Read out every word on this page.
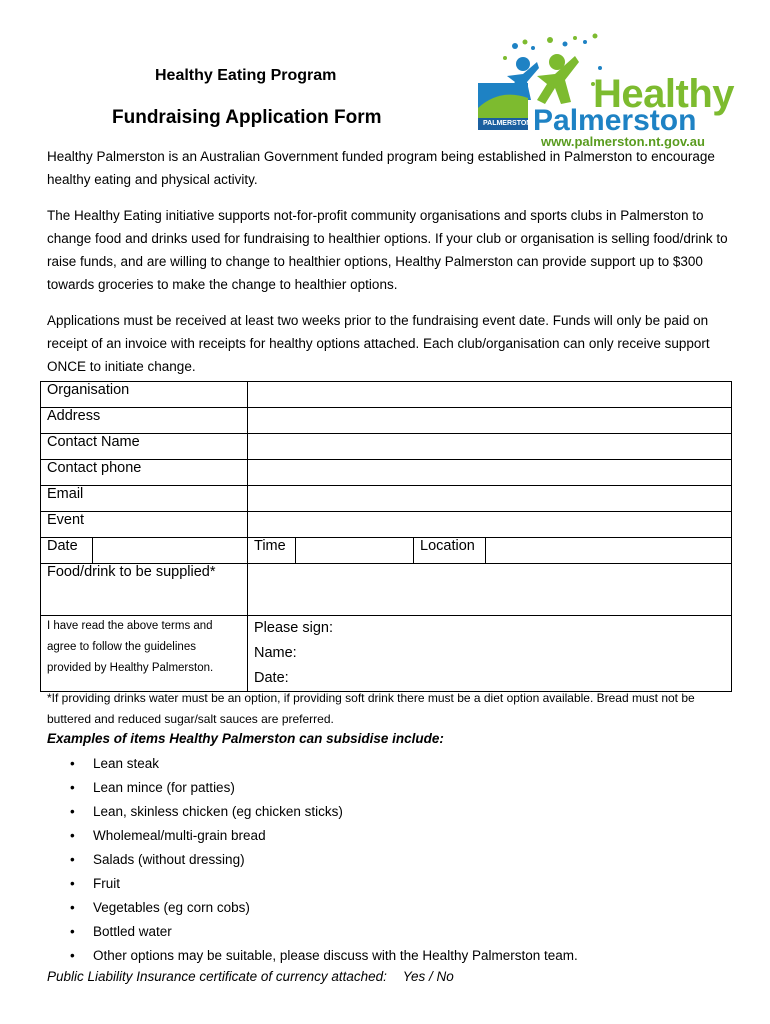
Healthy Eating Program
Fundraising Application Form	PALMERSTON
Healthy
Palmerston
www.palmerston.nt.gov.au

Healthy Palmerston is an Australian Government funded program being established in Palmerston to encourage healthy eating and physical activity.

The Healthy Eating initiative supports not-for-profit community organisations and sports clubs in Palmerston to change food and drinks used for fundraising to healthier options. If your club or organisation is selling food/drink to raise funds, and are willing to change to healthier options, Healthy Palmerston can provide support up to $300 towards groceries to make the change to healthier options.

Applications must be received at least two weeks prior to the fundraising event date. Funds will only be paid on receipt of an invoice with receipts for healthy options attached. Each club/organisation can only receive support ONCE to initiate change.

Organisation					
Address					
Contact Name					
Contact phone					
Email					
Event					
Date		Time		Location	
Food/drink to be supplied*					
I have read the above terms and agree to follow the guidelines provided by Healthy Palmerston.		Please sign:
Name:
Date:			

*If providing drinks water must be an option, if providing soft drink there must be a diet option available. Bread must not be buttered and reduced sugar/salt sauces are preferred.

Examples of items Healthy Palmerston can subsidise include:
• Lean steak
• Lean mince (for patties)
• Lean, skinless chicken (eg chicken sticks)
• Wholemeal/multi-grain bread
• Salads (without dressing)
• Fruit
• Vegetables (eg corn cobs)
• Bottled water
• Other options may be suitable, please discuss with the Healthy Palmerston team.
Public Liability Insurance certificate of currency attached: Yes / No
